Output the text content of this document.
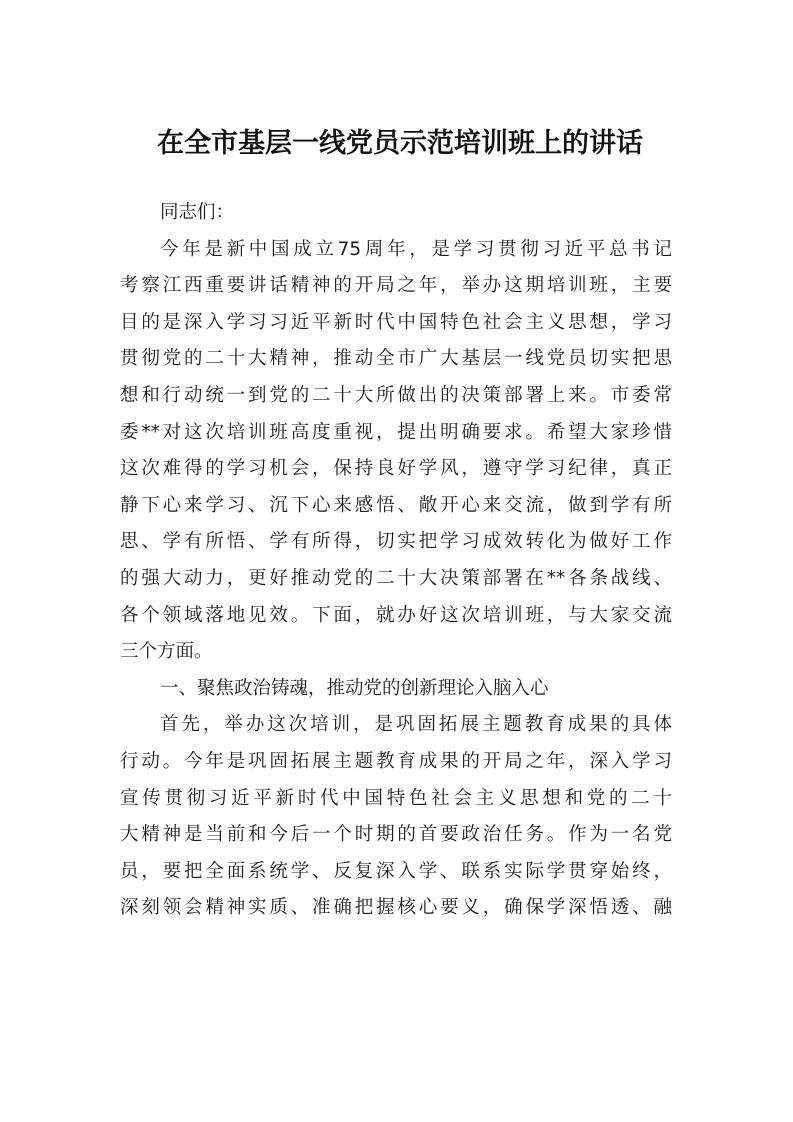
在全市基层一线党员示范培训班上的讲话
同志们：
今年是新中国成立75周年，是学习贯彻习近平总书记
考察江西重要讲话精神的开局之年，举办这期培训班，主要
目的是深入学习习近平新时代中国特色社会主义思想，学习
贯彻党的二十大精神，推动全市广大基层一线党员切实把思
想和行动统一到党的二十大所做出的决策部署上来。市委常
委**对这次培训班高度重视，提出明确要求。希望大家珍惜
这次难得的学习机会，保持良好学风，遵守学习纪律，真正
静下心来学习、沉下心来感悟、敞开心来交流，做到学有所
思、学有所悟、学有所得，切实把学习成效转化为做好工作
的强大动力，更好推动党的二十大决策部署在**各条战线、
各个领域落地见效。下面，就办好这次培训班，与大家交流
三个方面。
一、聚焦政治铸魂，推动党的创新理论入脑入心
首先，举办这次培训，是巩固拓展主题教育成果的具体
行动。今年是巩固拓展主题教育成果的开局之年，深入学习
宣传贯彻习近平新时代中国特色社会主义思想和党的二十
大精神是当前和今后一个时期的首要政治任务。作为一名党
员，要把全面系统学、反复深入学、联系实际学贯穿始终，
深刻领会精神实质、准确把握核心要义，确保学深悟透、融
